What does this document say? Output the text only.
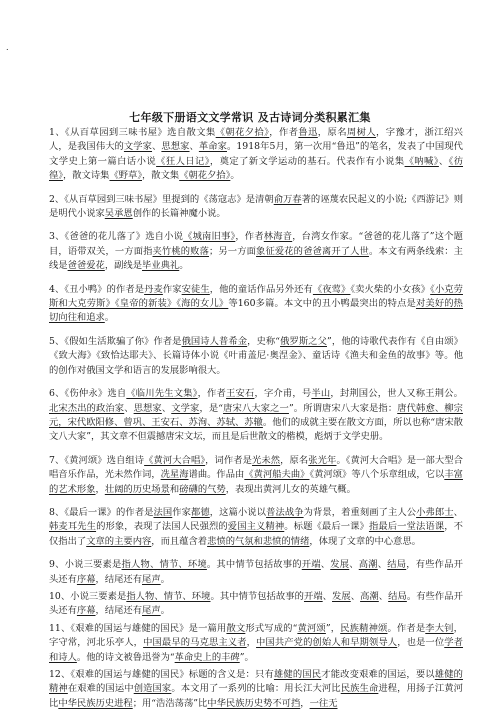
.
七年级下册语文文学常识 及古诗词分类积累汇集

1、《从百草园到三味书屋》选自散文集《朝花夕拾》，作者鲁迅，原名周树人，字豫才，浙江绍兴人，是我国伟大的文学家、思想家、革命家。1918年5月，第一次用“鲁迅”的笔名，发表了中国现代文学史上第一篇白话小说《狂人日记》，奠定了新文学运动的基石。代表作有小说集《呐喊》、《彷徨》，散文诗集《野草》，散文集《朝花夕拾》。

2、《从百草园到三味书屋》里提到的《荡寇志》是清朝俞万春著的诬蔑农民起义的小说;《西游记》则是明代小说家吴承恩创作的长篇神魔小说。

3、《爸爸的花儿落了》选自小说《城南旧事》，作者林海音，台湾女作家。“爸爸的花儿落了”这个题目，语带双关，一方面指夹竹桃的败落；另一方面象征爱花的爸爸离开了人世。本文有两条线索：主线是爸爸爱花，副线是毕业典礼。

4、《丑小鸭》的作者是丹麦作家安徒生，他的童话作品另外还有《夜莺》《卖火柴的小女孩》《小克劳斯和大克劳斯》《皇帝的新装》《海的女儿》等160多篇。本文中的丑小鸭最突出的特点是对美好的热切向往和追求。

5、《假如生活欺骗了你》作者是俄国诗人普希金，史称“俄罗斯之父”，他的诗歌代表作有《自由颂》《致大海》《致恰达耶夫》、长篇诗体小说《叶甫盖尼·奥涅金》、童话诗《渔夫和金鱼的故事》等。他的创作对俄国文学和语言的发展影响很大。

6、《伤仲永》选自《临川先生文集》，作者王安石，字介甫，号半山，封荆国公，世人又称王荆公。北宋杰出的政治家、思想家、文学家，是“唐宋八大家之一”。所谓唐宋八大家是指：唐代韩愈、柳宗元，宋代欧阳修、曾巩、王安石、苏洵、苏轼、苏辙。他们的成就主要在散文方面，所以也称“唐宋散文八大家”，其文章不但震撼唐宋文坛，而且是后世散文的楷模，彪炳于文学史册。

7、《黄河颂》选自组诗《黄河大合唱》，词作者是光未然，原名张光年。《黄河大合唱》是一部大型合唱音乐作品，光未然作词，冼星海谱曲。作品由《黄河船夫曲》《黄河颂》等八个乐章组成，它以丰富的艺术形象，壮阔的历史场景和磅礴的气势，表现出黄河儿女的英雄气概。

8、《最后一课》的作者是法国作家都德，这篇小说以普法战争为背景，着重刻画了主人公小弗郎士、韩麦耳先生的形象，表现了法国人民强烈的爱国主义精神。标题《最后一课》指最后一堂法语课，不仅指出了文章的主要内容，而且蕴含着悲愤的气氛和悲愤的情绪，体现了文章的中心意思。

9、小说三要素是指人物、情节、环境。其中情节包括故事的开端、发展、高潮、结局，有些作品开头还有序幕，结尾还有尾声。

10、小说三要素是指人物、情节、环境。其中情节包括故事的开端、发展、高潮、结局。有些作品开头还有序幕，结尾还有尾声。

11、《艰难的国运与雄健的国民》是一篇用散文形式写成的“黄河颂”，民族精神颂。作者是李大钊，字守常，河北乐亭人，中国最早的马克思主义者，中国共产党的创始人和早期领导人，也是一位学者和诗人。他的诗文被鲁迅誉为“革命史上的丰碑”。

12、《艰难的国运与雄健的国民》标题的含义是：只有雄健的国民才能改变艰难的国运，要以雄健的精神在艰难的国运中创造国家。本文用了一系列的比喻：用长江大河比民族生命进程，用扬子江黄河比中华民族历史进程；用“浩浩荡荡”比中华民族历史势不可挡，一往无
